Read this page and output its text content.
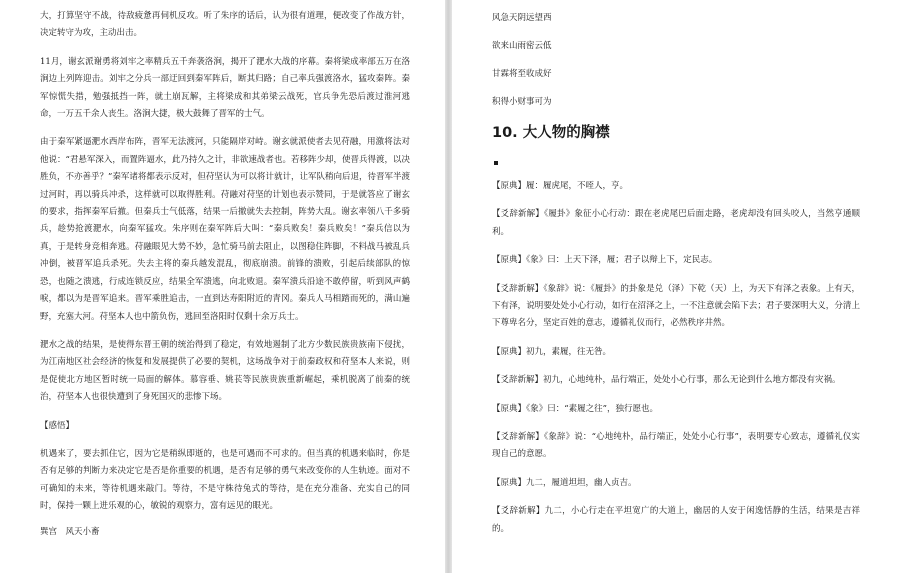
大，打算坚守不战，待敌疲惫再伺机反攻。听了朱序的话后，认为很有道理，便改变了作战方针，决定转守为攻，主动出击。

11月，谢玄派谢勇将刘牢之率精兵五千奔袭洛涧，揭开了淝水大战的序幕。秦将梁成率部五万在洛涧边上列阵迎击。刘牢之分兵一部迂回到秦军阵后，断其归路；自己率兵强渡洛水，猛攻秦阵。秦军惊慌失措，勉强抵挡一阵，就土崩瓦解，主将梁成和其弟梁云战死，官兵争先恐后渡过淮河逃命，一万五千余人丧生。洛涧大捷，极大鼓舞了晋军的士气。

由于秦军紧逼淝水西岸布阵，晋军无法渡河，只能隔岸对峙。谢玄就派使者去见苻融，用激将法对他说：“君悬军深入，而置阵逼水，此乃持久之计，非欲速战者也。若移阵少却，使晋兵得渡，以决胜负，不亦善乎？”秦军诸将都表示反对，但苻坚认为可以将计就计，让军队稍向后退，待晋军半渡过河时，再以骑兵冲杀，这样就可以取得胜利。苻融对苻坚的计划也表示赞同，于是就答应了谢玄的要求，指挥秦军后撤。但秦兵士气低落，结果一后撤就失去控制，阵势大乱。谢玄率领八千多骑兵，趁势抢渡淝水，向秦军猛攻。朱序则在秦军阵后大叫：“秦兵败矣！秦兵败矣！”秦兵信以为真，于是转身竞相奔逃。苻融眼见大势不妙，急忙骑马前去阻止，以图稳住阵脚，不料战马被乱兵冲倒，被晋军追兵杀死。失去主将的秦兵越发混乱，彻底崩溃。前锋的溃败，引起后续部队的惊恐，也随之溃逃，行成连锁反应，结果全军溃逃，向北败退。秦军溃兵沿途不敢停留，听到风声鹤唳，都以为是晋军追来。晋军乘胜追击，一直到达寿阳附近的青冈。秦兵人马相踏而死的，满山遍野，充塞大河。苻坚本人也中箭负伤，逃回至洛阳时仅剩十余万兵士。

淝水之战的结果，是使得东晋王朝的统治得到了稳定，有效地遏制了北方少数民族贵族南下侵扰，为江南地区社会经济的恢复和发展提供了必要的契机，这场战争对于前秦政权和苻坚本人来说，则是促使北方地区暂时统一局面的解体。慕容垂、姚苌等民族贵族重新崛起，乘机脱离了前秦的统治，苻坚本人也很快遭到了身死国灭的悲惨下场。

【感悟】

机遇来了，要去抓住它，因为它是稍纵即逝的，也是可遇而不可求的。但当真的机遇来临时，你是否有足够的判断力来决定它是否是你重要的机遇，是否有足够的勇气来改变你的人生轨迹。面对不可确知的未来，等待机遇来敲门。等待，不是守株待兔式的等待，是在充分准备、充实自己的同时，保持一颗上进乐观的心，敏锐的观察力，富有远见的眼光。

巽宫　风天小畜

风急天阴远望西

欲来山雨密云低

甘霖将至收成好

积得小财事可为

10. 大人物的胸襟

【原典】履：履虎尾，不咥人，亨。

【爻辞新解】《履卦》象征小心行动：跟在老虎尾巴后面走路，老虎却没有回头咬人，当然亨通顺利。

【原典】《象》曰：上天下泽，履；君子以辩上下，定民志。

【爻辞新解】《象辞》说：《履卦》的卦象是兑（泽）下乾（天）上，为天下有泽之表象。上有天，下有泽，说明要处处小心行动，如行在沼泽之上，一不注意就会陷下去；君子要深明大义，分清上下尊卑名分，坚定百姓的意志，遵循礼仪而行，必然秩序井然。

【原典】初九，素履，往无咎。

【爻辞新解】初九，心地纯朴，品行端正，处处小心行事，那么无论到什么地方都没有灾祸。

【原典】《象》曰：“素履之往”，独行愿也。

【爻辞新解】《象辞》说：“心地纯朴，品行端正，处处小心行事”，表明要专心致志，遵循礼仪实现自己的意愿。

【原典】九二，履道坦坦，幽人贞吉。

【爻辞新解】九二，小心行走在平坦宽广的大道上，幽居的人安于闲逸恬静的生活，结果是吉祥的。
